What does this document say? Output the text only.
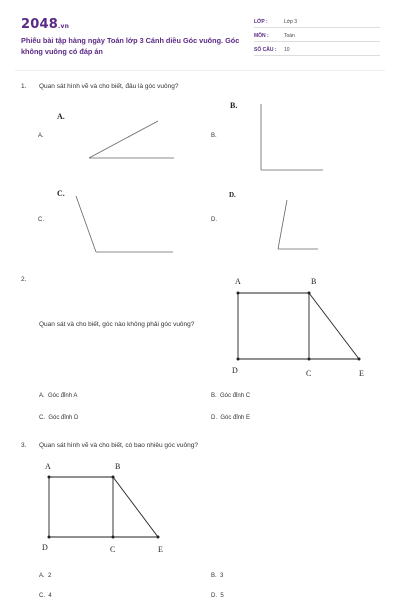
2048.vn
Phiếu bài tập hàng ngày Toán lớp 3 Cánh diều Góc vuông. Góc không vuông có đáp án
LỚP :	Lớp 3
MÔN :	Toán
SỐ CÂU : 10
1. Quan sát hình vẽ và cho biết, đâu là góc vuông?
A.
A.
B.
B.
C.
C.
D.
D.
2.
Quan sát và cho biết, góc nào không phải góc vuông?
A	B
D	C	E
A. Góc đỉnh A	B. Góc đỉnh C
C. Góc đỉnh D	D. Góc đỉnh E
3. Quan sát hình vẽ và cho biết, có bao nhiêu góc vuông?
A	B
D	C	E
A. 2	B. 3
C. 4	D. 5
